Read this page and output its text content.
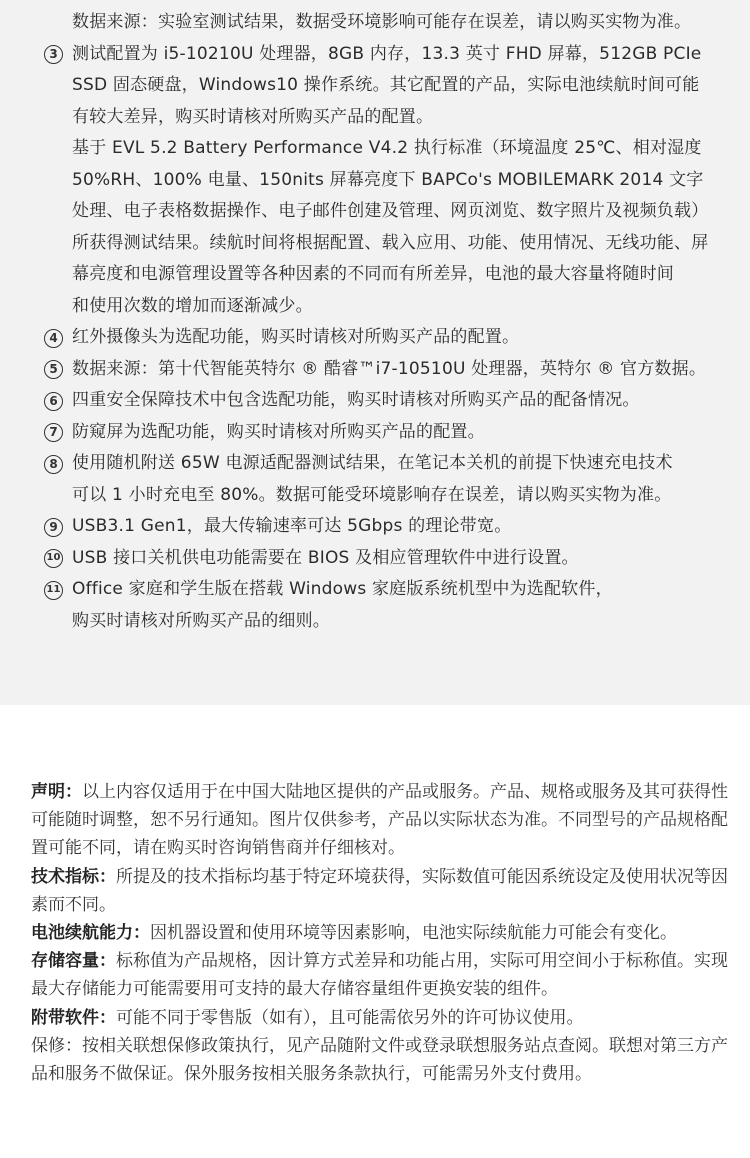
数据来源：实验室测试结果，数据受环境影响可能存在误差，请以购买实物为准。
3 测试配置为 i5-10210U 处理器，8GB 内存，13.3 英寸 FHD 屏幕，512GB PCIe
SSD 固态硬盘，Windows10 操作系统。其它配置的产品，实际电池续航时间可能
有较大差异，购买时请核对所购买产品的配置。
基于 EVL 5.2 Battery Performance V4.2 执行标准（环境温度 25℃、相对湿度
50%RH、100% 电量、150nits 屏幕亮度下 BAPCo's MOBILEMARK 2014 文字
处理、电子表格数据操作、电子邮件创建及管理、网页浏览、数字照片及视频负载）
所获得测试结果。续航时间将根据配置、载入应用、功能、使用情况、无线功能、屏
幕亮度和电源管理设置等各种因素的不同而有所差异，电池的最大容量将随时间
和使用次数的增加而逐渐减少。
4 红外摄像头为选配功能，购买时请核对所购买产品的配置。
5 数据来源：第十代智能英特尔 ® 酷睿™i7-10510U 处理器，英特尔 ® 官方数据。
6 四重安全保障技术中包含选配功能，购买时请核对所购买产品的配备情况。
7 防窥屏为选配功能，购买时请核对所购买产品的配置。
8 使用随机附送 65W 电源适配器测试结果，在笔记本关机的前提下快速充电技术
可以 1 小时充电至 80%。数据可能受环境影响存在误差，请以购买实物为准。
9 USB3.1 Gen1，最大传输速率可达 5Gbps 的理论带宽。
10 USB 接口关机供电功能需要在 BIOS 及相应管理软件中进行设置。
11 Office 家庭和学生版在搭载 Windows 家庭版系统机型中为选配软件，
购买时请核对所购买产品的细则。

声明：以上内容仅适用于在中国大陆地区提供的产品或服务。产品、规格或服务及其可获得性可能随时调整，恕不另行通知。图片仅供参考，产品以实际状态为准。不同型号的产品规格配置可能不同，请在购买时咨询销售商并仔细核对。

技术指标：所提及的技术指标均基于特定环境获得，实际数值可能因系统设定及使用状况等因素而不同。

电池续航能力：因机器设置和使用环境等因素影响，电池实际续航能力可能会有变化。

存储容量：标称值为产品规格，因计算方式差异和功能占用，实际可用空间小于标称值。实现最大存储能力可能需要用可支持的最大存储容量组件更换安装的组件。

附带软件：可能不同于零售版（如有），且可能需依另外的许可协议使用。

保修：按相关联想保修政策执行，见产品随附文件或登录联想服务站点查阅。联想对第三方产品和服务不做保证。保外服务按相关服务条款执行，可能需另外支付费用。
